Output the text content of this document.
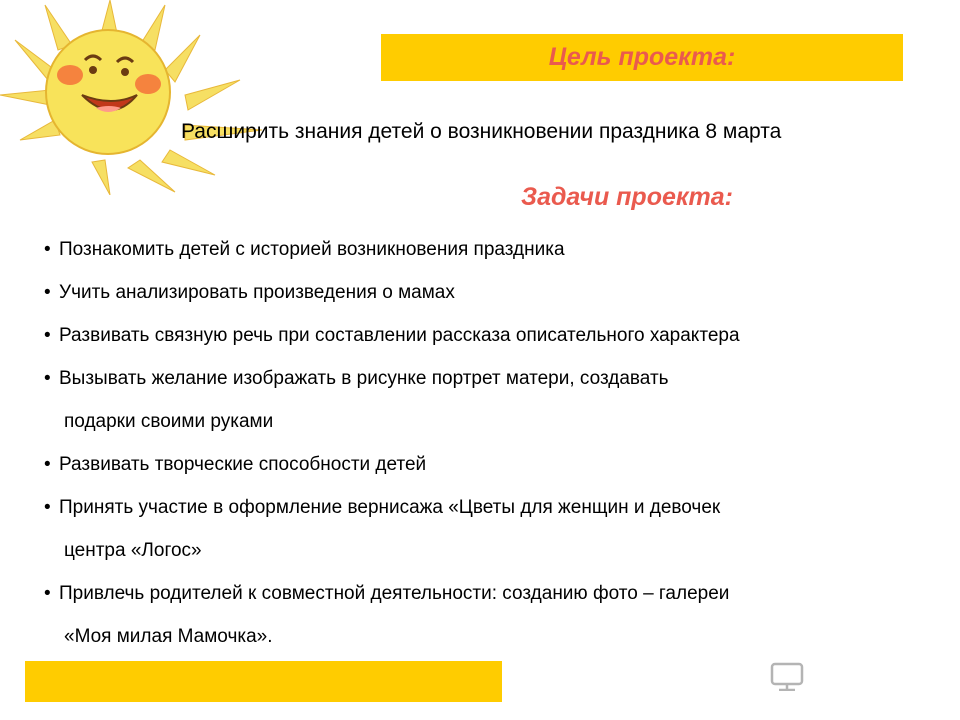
Цель проекта:
Расширить знания детей о возникновении праздника 8 марта
Задачи проекта:
• Познакомить детей с историей возникновения праздника
• Учить анализировать произведения о мамах
• Развивать связную речь при составлении рассказа описательного характера
• Вызывать желание изображать в рисунке портрет матери, создавать
подарки своими руками
• Развивать творческие способности детей
• Принять участие в оформление вернисажа «Цветы для женщин и девочек
центра «Логос»
• Привлечь родителей к совместной деятельности: созданию фото – галереи
«Моя милая Мамочка».
